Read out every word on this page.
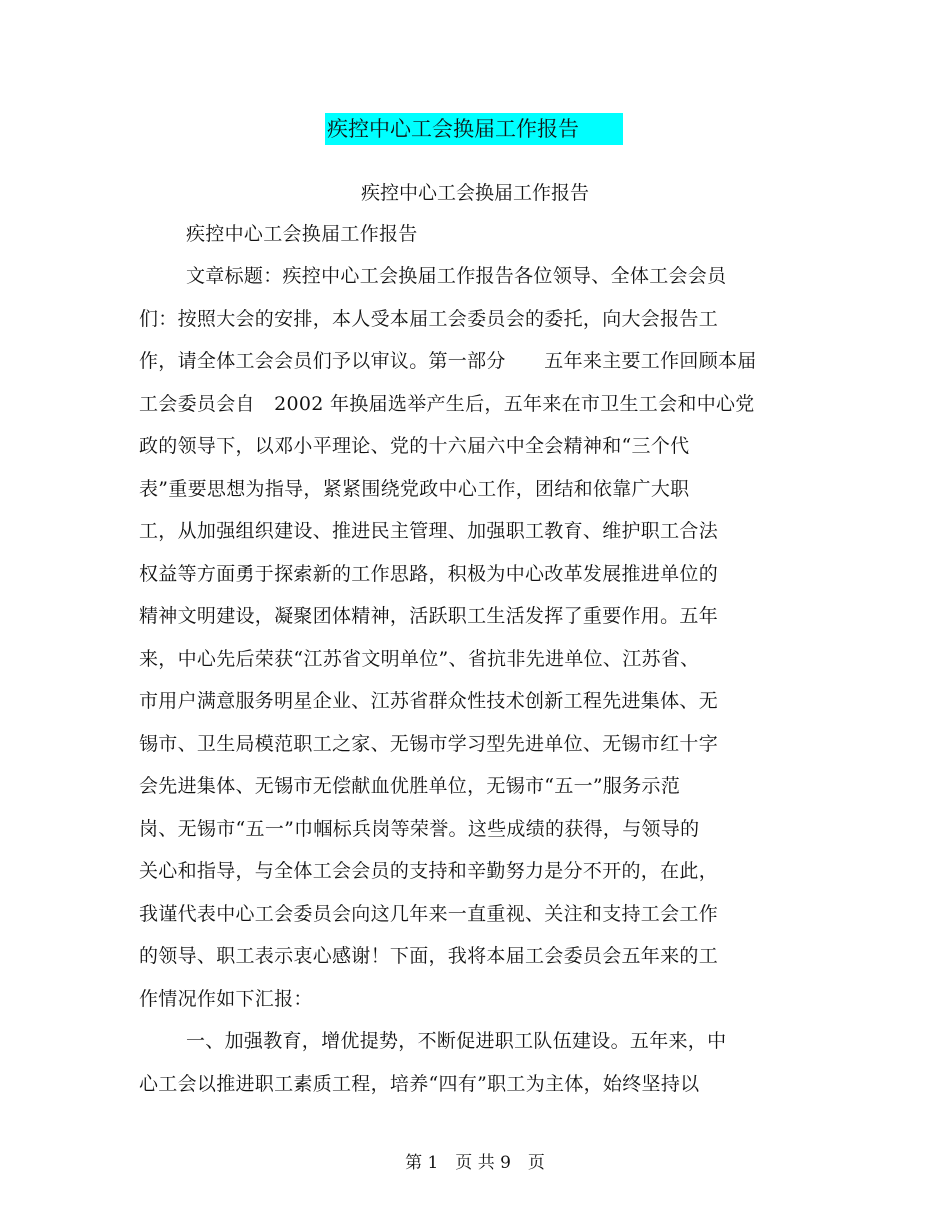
疾控中心工会换届工作报告
疾控中心工会换届工作报告
疾控中心工会换届工作报告
文章标题：疾控中心工会换届工作报告各位领导、全体工会会员
们：按照大会的安排，本人受本届工会委员会的委托，向大会报告工
作，请全体工会会员们予以审议。第一部分　　五年来主要工作回顾本届
工会委员会自　2002 年换届选举产生后，五年来在市卫生工会和中心党
政的领导下，以邓小平理论、党的十六届六中全会精神和“三个代
表”重要思想为指导，紧紧围绕党政中心工作，团结和依靠广大职
工，从加强组织建设、推进民主管理、加强职工教育、维护职工合法
权益等方面勇于探索新的工作思路，积极为中心改革发展推进单位的
精神文明建设，凝聚团体精神，活跃职工生活发挥了重要作用。五年
来，中心先后荣获“江苏省文明单位”、省抗非先进单位、江苏省、
市用户满意服务明星企业、江苏省群众性技术创新工程先进集体、无
锡市、卫生局模范职工之家、无锡市学习型先进单位、无锡市红十字
会先进集体、无锡市无偿献血优胜单位，无锡市“五一”服务示范
岗、无锡市“五一”巾帼标兵岗等荣誉。这些成绩的获得，与领导的
关心和指导，与全体工会会员的支持和辛勤努力是分不开的，在此，
我谨代表中心工会委员会向这几年来一直重视、关注和支持工会工作
的领导、职工表示衷心感谢！下面，我将本届工会委员会五年来的工
作情况作如下汇报：
一、加强教育，增优提势，不断促进职工队伍建设。五年来，中
心工会以推进职工素质工程，培养“四有”职工为主体，始终坚持以
第 1　页 共 9　页
